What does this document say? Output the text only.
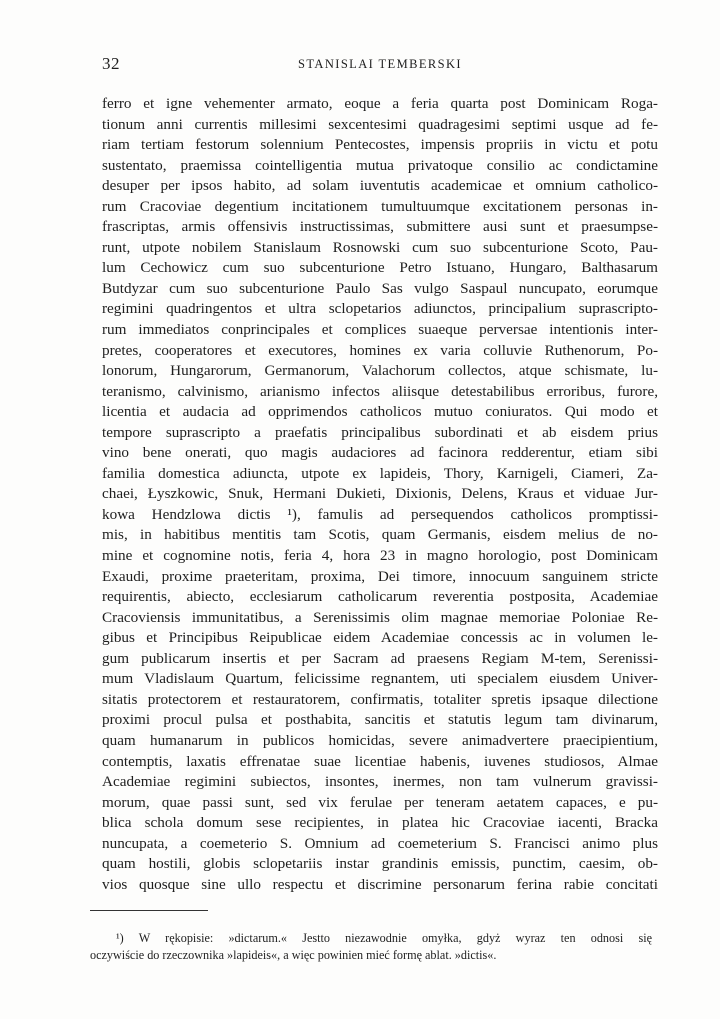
32	STANISLAI TEMBERSKI
ferro et igne vehementer armato, eoque a feria quarta post Dominicam Roga-
tionum anni currentis millesimi sexcentesimi quadragesimi septimi usque ad fe-
riam tertiam festorum solennium Pentecostes, impensis propriis in victu et potu
sustentato, praemissa cointelligentia mutua privatoque consilio ac condictamine
desuper per ipsos habito, ad solam iuventutis academicae et omnium catholico-
rum Cracoviae degentium incitationem tumultuumque excitationem personas in-
frascriptas, armis offensivis instructissimas, submittere ausi sunt et praesumpse-
runt, utpote nobilem Stanislaum Rosnowski cum suo subcenturione Scoto, Pau-
lum Cechowicz cum suo subcenturione Petro Istuano, Hungaro, Balthasarum
Butdyzar cum suo subcenturione Paulo Sas vulgo Saspaul nuncupato, eorumque
regimini quadringentos et ultra sclopetarios adiunctos, principalium suprascripto-
rum immediatos conprincipales et complices suaeque perversae intentionis inter-
pretes, cooperatores et executores, homines ex varia colluvie Ruthenorum, Po-
lonorum, Hungarorum, Germanorum, Valachorum collectos, atque schismate, lu-
teranismo, calvinismo, arianismo infectos aliisque detestabilibus erroribus, furore,
licentia et audacia ad opprimendos catholicos mutuo coniuratos. Qui modo et
tempore suprascripto a praefatis principalibus subordinati et ab eisdem prius
vino bene onerati, quo magis audaciores ad facinora redderentur, etiam sibi
familia domestica adiuncta, utpote ex lapideis, Thory, Karnigeli, Ciameri, Za-
chaei, Łyszkowic, Snuk, Hermani Dukieti, Dixionis, Delens, Kraus et viduae Jur-
kowa Hendzlowa dictis ¹), famulis ad persequendos catholicos promptissi-
mis, in habitibus mentitis tam Scotis, quam Germanis, eisdem melius de no-
mine et cognomine notis, feria 4, hora 23 in magno horologio, post Dominicam
Exaudi, proxime praeteritam, proxima, Dei timore, innocuum sanguinem stricte
requirentis, abiecto, ecclesiarum catholicarum reverentia postposita, Academiae
Cracoviensis immunitatibus, a Serenissimis olim magnae memoriae Poloniae Re-
gibus et Principibus Reipublicae eidem Academiae concessis ac in volumen le-
gum publicarum insertis et per Sacram ad praesens Regiam M-tem, Serenissi-
mum Vladislaum Quartum, felicissime regnantem, uti specialem eiusdem Univer-
sitatis protectorem et restauratorem, confirmatis, totaliter spretis ipsaque dilectione
proximi procul pulsa et posthabita, sancitis et statutis legum tam divinarum,
quam humanarum in publicos homicidas, severe animadvertere praecipientium,
contemptis, laxatis effrenatae suae licentiae habenis, iuvenes studiosos, Almae
Academiae regimini subiectos, insontes, inermes, non tam vulnerum gravissi-
morum, quae passi sunt, sed vix ferulae per teneram aetatem capaces, e pu-
blica schola domum sese recipientes, in platea hic Cracoviae iacenti, Bracka
nuncupata, a coemeterio S. Omnium ad coemeterium S. Francisci animo plus
quam hostili, globis sclopetariis instar grandinis emissis, punctim, caesim, ob-
vios quosque sine ullo respectu et discrimine personarum ferina rabie concitati
¹) W rękopisie: »dictarum.« Jestto niezawodnie omyłka, gdyż wyraz ten odnosi się
oczywiście do rzeczownika »lapideis«, a więc powinien mieć formę ablat. »dictis«.
